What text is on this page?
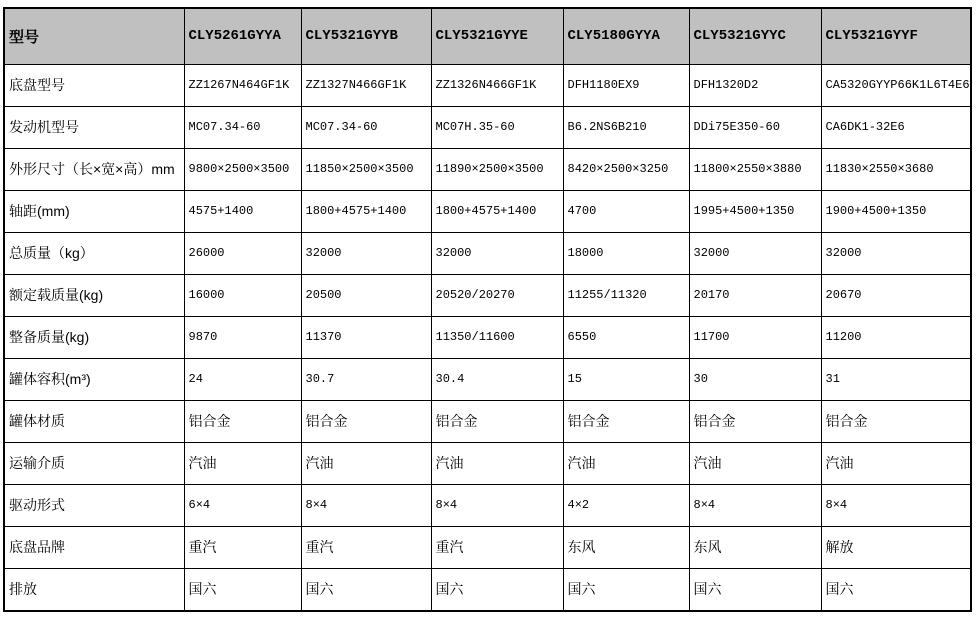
型号	CLY5261GYYA	CLY5321GYYB	CLY5321GYYE	CLY5180GYYA	CLY5321GYYC	CLY5321GYYF
底盘型号	ZZ1267N464GF1K	ZZ1327N466GF1K	ZZ1326N466GF1K	DFH1180EX9	DFH1320D2	CA5320GYYP66K1L6T4E6
发动机型号	MC07.34-60	MC07.34-60	MC07H.35-60	B6.2NS6B210	DDi75E350-60	CA6DK1-32E6
外形尺寸（长×宽×高）mm	9800×2500×3500	11850×2500×3500	11890×2500×3500	8420×2500×3250	11800×2550×3880	11830×2550×3680
轴距(mm)	4575+1400	1800+4575+1400	1800+4575+1400	4700	1995+4500+1350	1900+4500+1350
总质量（kg）	26000	32000	32000	18000	32000	32000
额定载质量(kg)	16000	20500	20520/20270	11255/11320	20170	20670
整备质量(kg)	9870	11370	11350/11600	6550	11700	11200
罐体容积(m³)	24	30.7	30.4	15	30	31
罐体材质	铝合金	铝合金	铝合金	铝合金	铝合金	铝合金
运输介质	汽油	汽油	汽油	汽油	汽油	汽油
驱动形式	6×4	8×4	8×4	4×2	8×4	8×4
底盘品牌	重汽	重汽	重汽	东风	东风	解放
排放	国六	国六	国六	国六	国六	国六
